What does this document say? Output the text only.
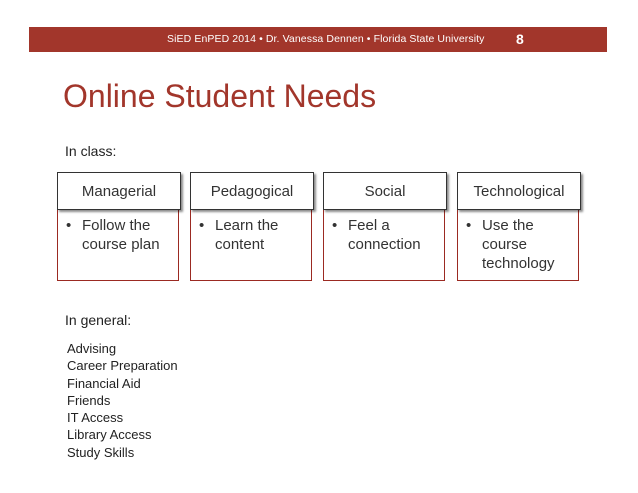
SiED EnPED 2014 • Dr. Vanessa Dennen • Florida State University 8
Online Student Needs
In class:
Managerial
• Follow the course plan
Pedagogical
• Learn the content
Social
• Feel a connection
Technological
• Use the course technology
In general:
Advising
Career Preparation
Financial Aid
Friends
IT Access
Library Access
Study Skills
